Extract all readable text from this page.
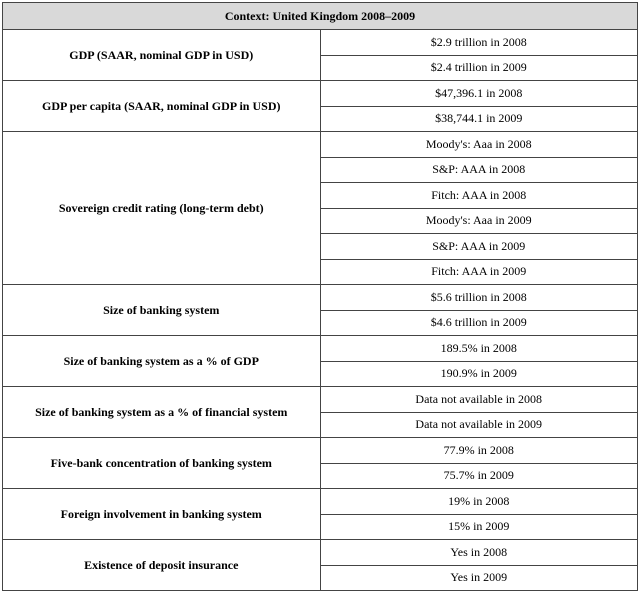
Context: United Kingdom 2008–2009	
GDP (SAAR, nominal GDP in USD)	$2.9 trillion in 2008
	$2.4 trillion in 2009
GDP per capita (SAAR, nominal GDP in USD)	$47,396.1 in 2008
	$38,744.1 in 2009
Sovereign credit rating (long-term debt)	Moody's: Aaa in 2008
	S&P: AAA in 2008
	Fitch: AAA in 2008
	Moody's: Aaa in 2009
	S&P: AAA in 2009
	Fitch: AAA in 2009
Size of banking system	$5.6 trillion in 2008
	$4.6 trillion in 2009
Size of banking system as a % of GDP	189.5% in 2008
	190.9% in 2009
Size of banking system as a % of financial system	Data not available in 2008
	Data not available in 2009
Five-bank concentration of banking system	77.9% in 2008
	75.7% in 2009
Foreign involvement in banking system	19% in 2008
	15% in 2009
Existence of deposit insurance	Yes in 2008
	Yes in 2009
